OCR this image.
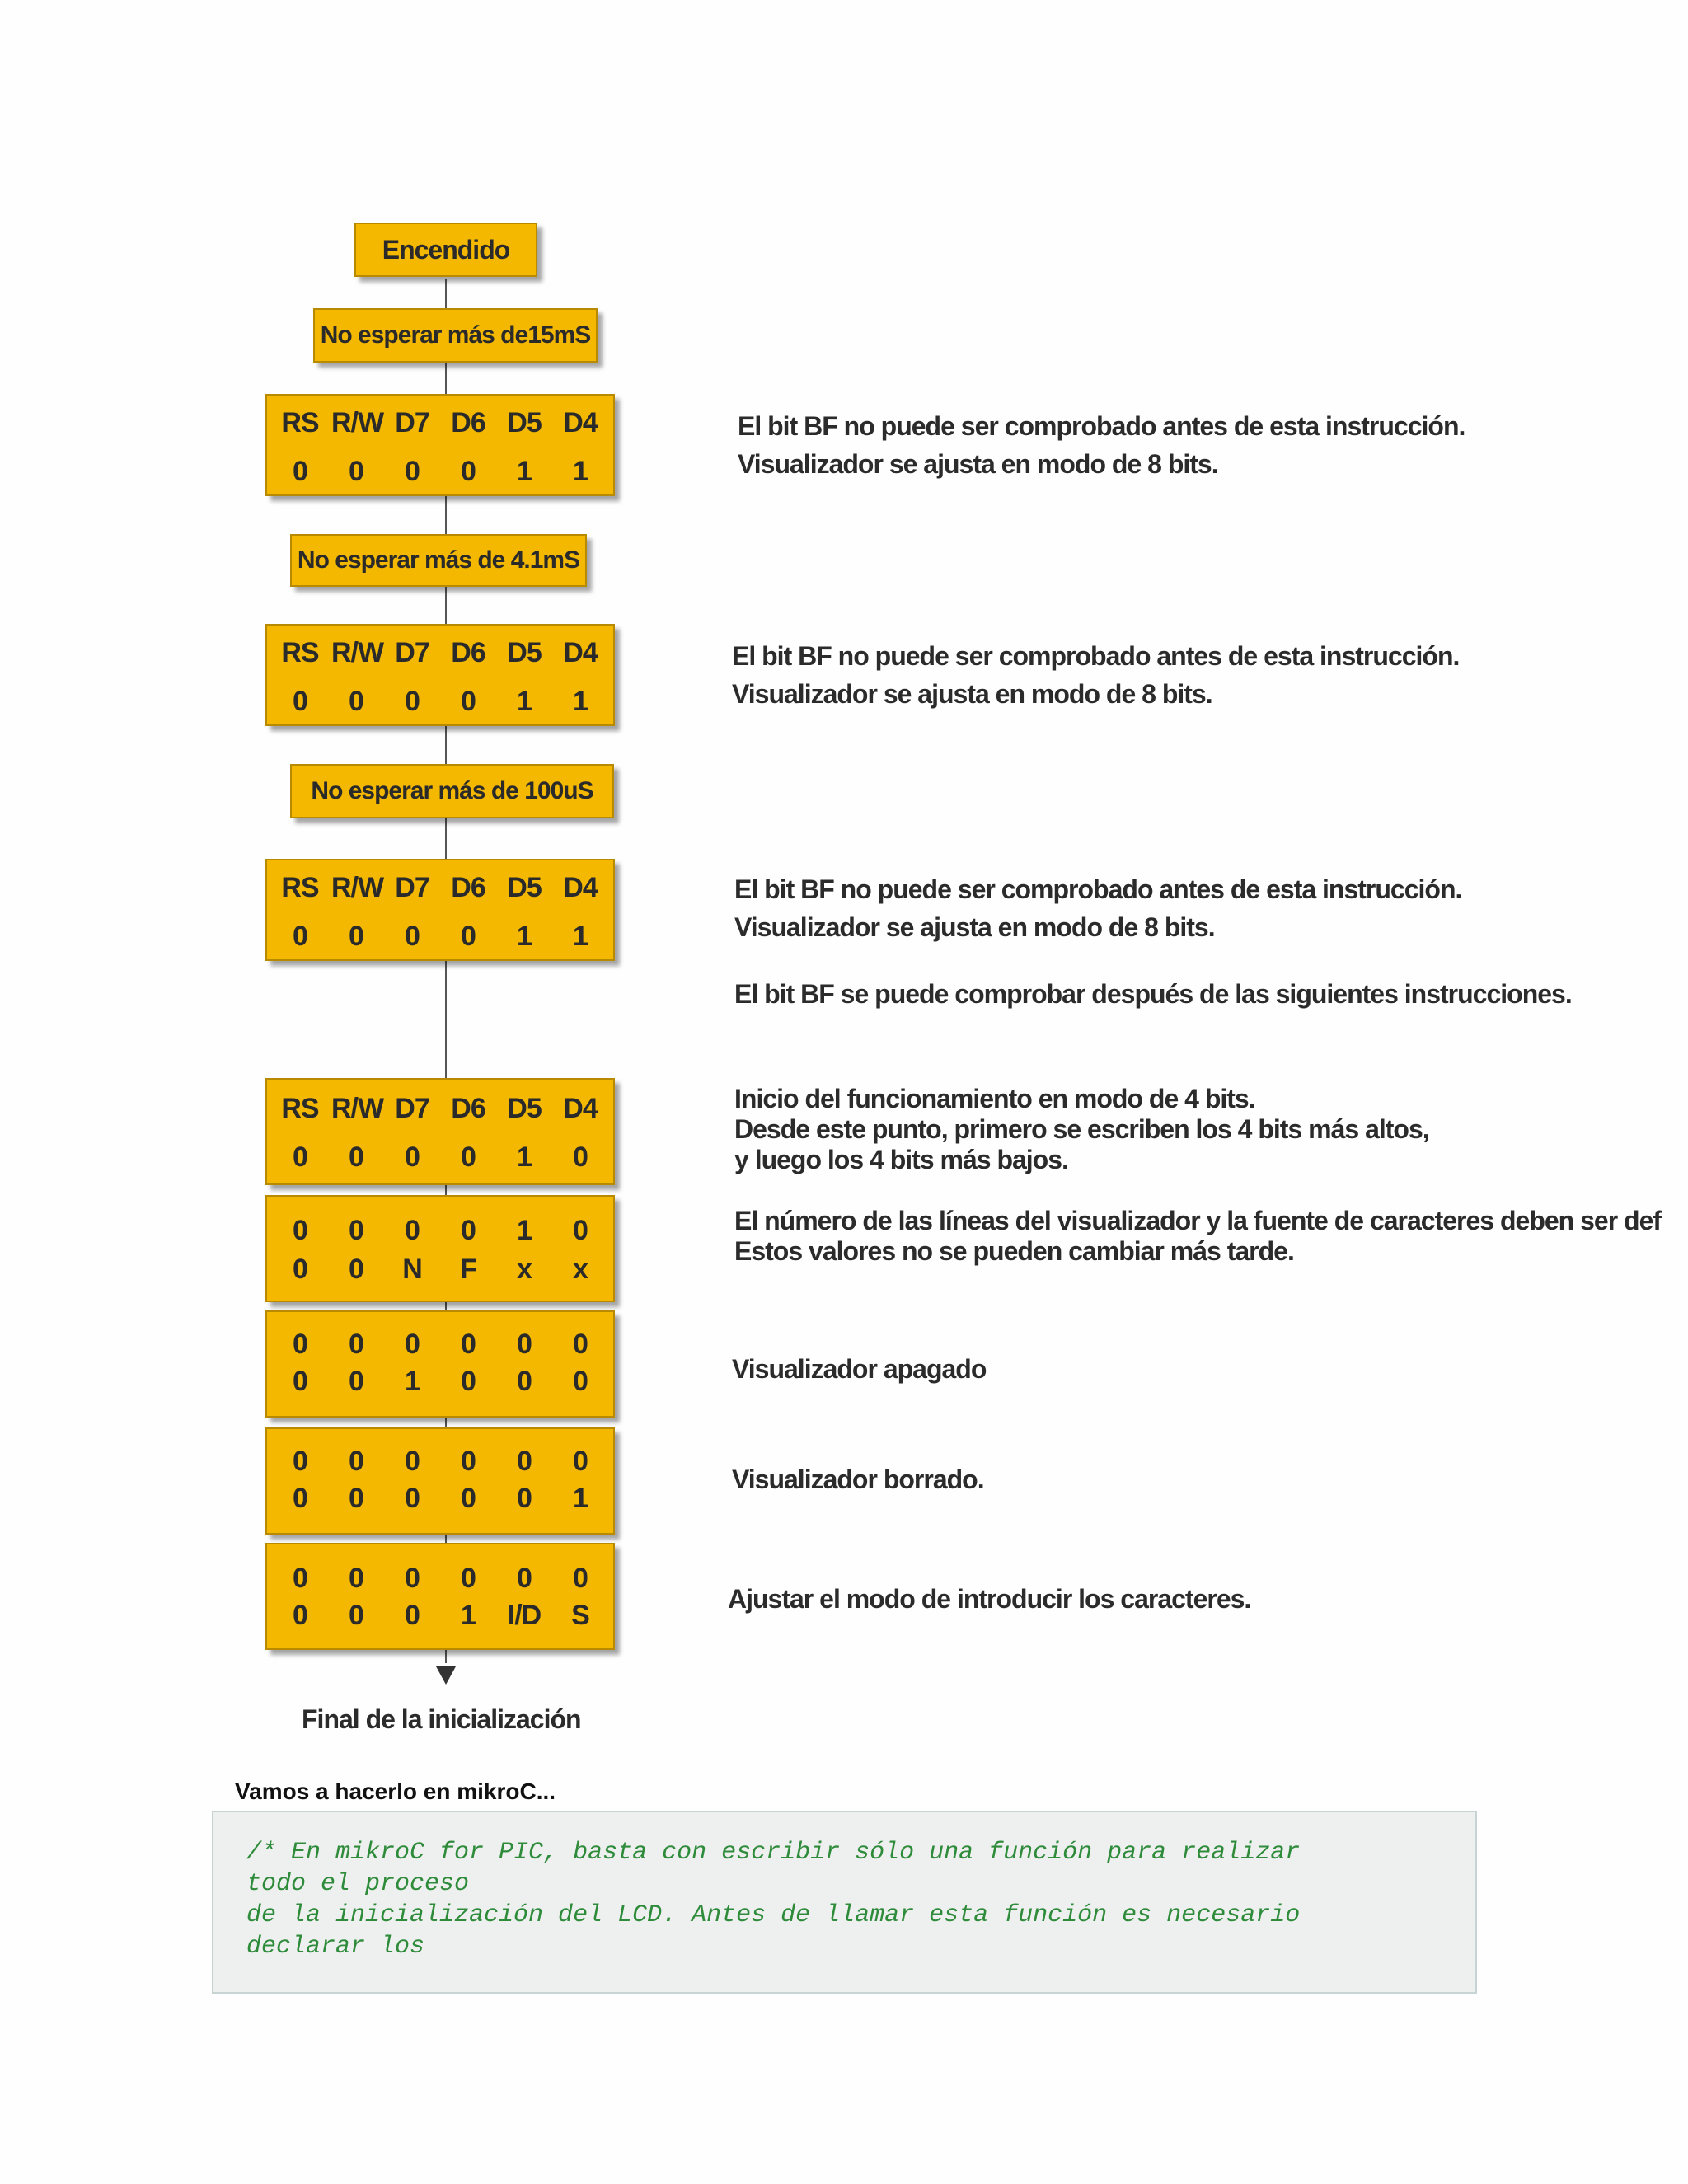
Encendido
No esperar más de15mS
RS R/W D7 D6 D5 D4
0	0	0	0	1	1
No esperar más de 4.1mS
RS R/W D7 D6 D5 D4
0	0	0	0	1	1
No esperar más de 100uS
RS R/W D7 D6 D5 D4
0	0	0	0	1	1
RS R/W D7 D6 D5 D4
0	0	0	0	1	0
0	0	0	0	1	0
0	0	N	F	x	x
0	0	0	0	0	0
0	0	1	0	0	0
0	0	0	0	0	0
0	0	0	0	0	1
0	0	0	0	0	0
0	0	0	1	I/D	S
Final de la inicialización
El bit BF no puede ser comprobado antes de esta instrucción.
Visualizador se ajusta en modo de 8 bits.
El bit BF no puede ser comprobado antes de esta instrucción.
Visualizador se ajusta en modo de 8 bits.
El bit BF no puede ser comprobado antes de esta instrucción.
Visualizador se ajusta en modo de 8 bits.
El bit BF se puede comprobar después de las siguientes instrucciones.
Inicio del funcionamiento en modo de 4 bits.
Desde este punto, primero se escriben los 4 bits más altos,
y luego los 4 bits más bajos.
El número de las líneas del visualizador y la fuente de caracteres deben ser def
Estos valores no se pueden cambiar más tarde.
Visualizador apagado
Visualizador borrado.
Ajustar el modo de introducir los caracteres.
Vamos a hacerlo en mikroC...
/* En mikroC for PIC, basta con escribir sólo una función para realizar
todo el proceso
de la inicialización del LCD. Antes de llamar esta función es necesario
declarar los
